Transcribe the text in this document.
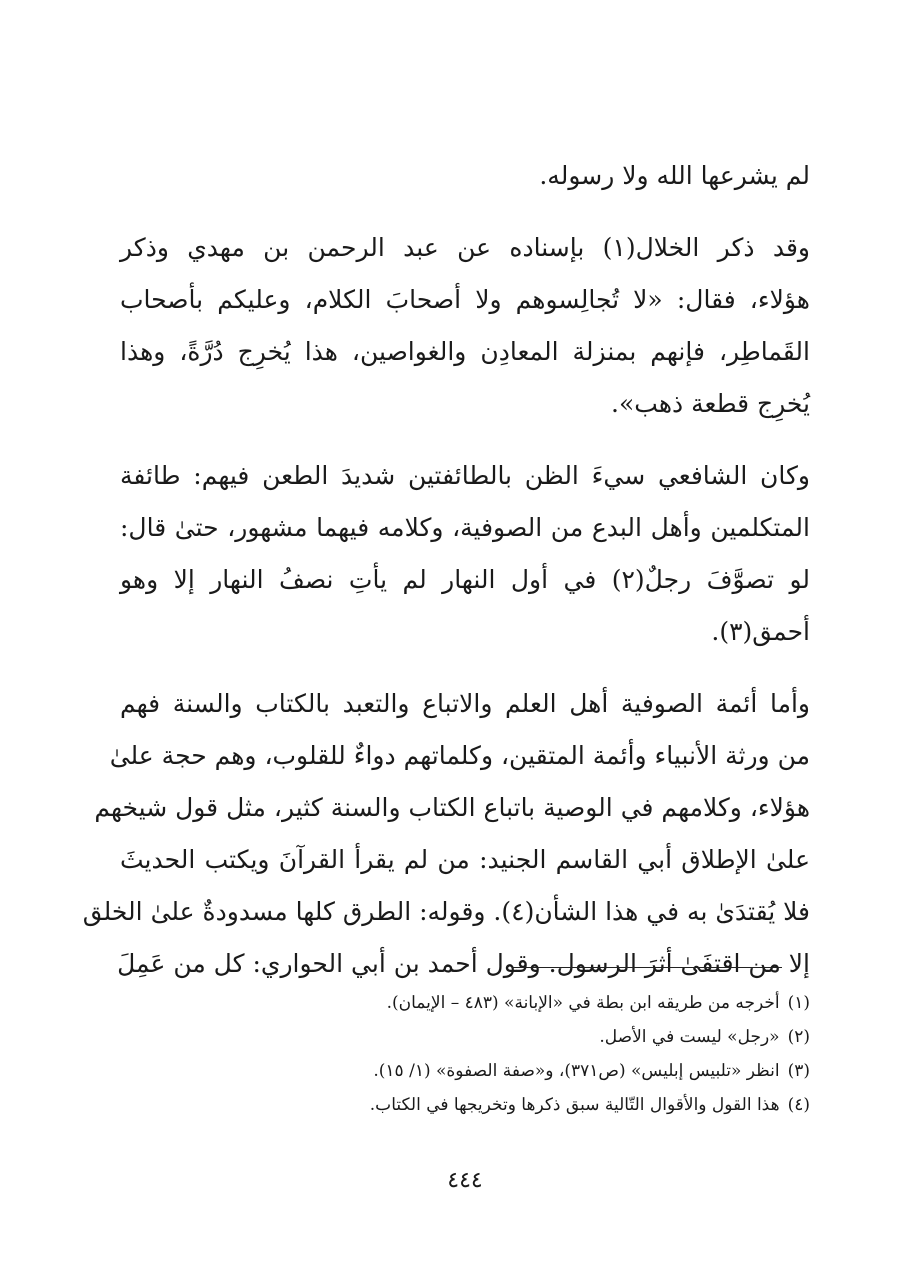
لم يشرعها الله ولا رسوله.
وقد ذكر الخلال(١) بإسناده عن عبد الرحمن بن مهدي وذكر
هؤلاء، فقال: «لا تُجالِسوهم ولا أصحابَ الكلام، وعليكم بأصحاب
القَماطِر، فإنهم بمنزلة المعادِن والغواصين، هذا يُخرِج دُرَّةً، وهذا
يُخرِج قطعة ذهب».
وكان الشافعي سيءَ الظن بالطائفتين شديدَ الطعن فيهم: طائفة
المتكلمين وأهل البدع من الصوفية، وكلامه فيهما مشهور، حتىٰ قال:
لو تصوَّفَ رجلٌ(٢) في أول النهار لم يأتِ نصفُ النهار إلا وهو
أحمق(٣).
وأما أئمة الصوفية أهل العلم والاتباع والتعبد بالكتاب والسنة فهم
من ورثة الأنبياء وأئمة المتقين، وكلماتهم دواءٌ للقلوب، وهم حجة علىٰ
هؤلاء، وكلامهم في الوصية باتباع الكتاب والسنة كثير، مثل قول شيخهم
علىٰ الإطلاق أبي القاسم الجنيد: من لم يقرأ القرآنَ ويكتب الحديثَ
فلا يُقتدَىٰ به في هذا الشأن(٤). وقوله: الطرق كلها مسدودةٌ علىٰ الخلق
إلا من اقتفَىٰ أثرَ الرسول. وقول أحمد بن أبي الحواري: كل من عَمِلَ
(١)أخرجه من طريقه ابن بطة في «الإبانة» (٤٨٣ – الإيمان).
(٢)«رجل» ليست في الأصل.
(٣)انظر «تلبيس إبليس» (ص٣٧١)، و«صفة الصفوة» (١/ ١٥).
(٤)هذا القول والأقوال التّالية سبق ذكرها وتخريجها في الكتاب.
٤٤٤
